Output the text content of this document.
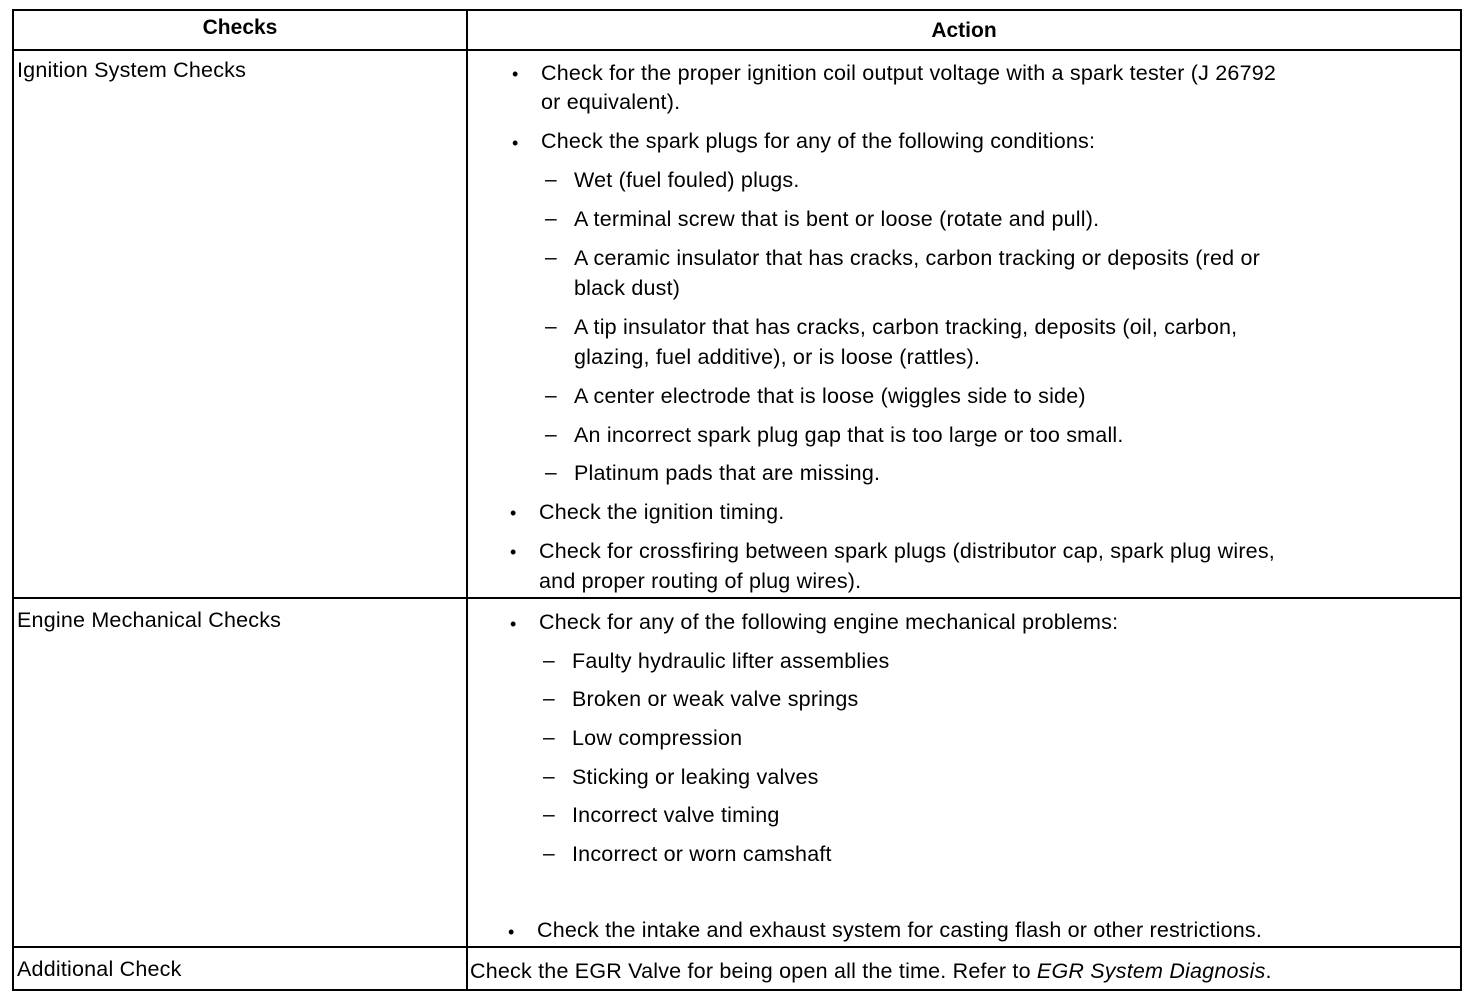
Checks	Action
Ignition System Checks	• Check for the proper ignition coil output voltage with a spark tester (J 26792
or equivalent).
• Check the spark plugs for any of the following conditions:
– Wet (fuel fouled) plugs.
– A terminal screw that is bent or loose (rotate and pull).
– A ceramic insulator that has cracks, carbon tracking or deposits (red or
black dust)
– A tip insulator that has cracks, carbon tracking, deposits (oil, carbon,
glazing, fuel additive), or is loose (rattles).
– A center electrode that is loose (wiggles side to side)
– An incorrect spark plug gap that is too large or too small.
– Platinum pads that are missing.
• Check the ignition timing.
• Check for crossfiring between spark plugs (distributor cap, spark plug wires,
and proper routing of plug wires).
Engine Mechanical Checks	• Check for any of the following engine mechanical problems:
– Faulty hydraulic lifter assemblies
– Broken or weak valve springs
– Low compression
– Sticking or leaking valves
– Incorrect valve timing
– Incorrect or worn camshaft
• Check the intake and exhaust system for casting flash or other restrictions.
Additional Check	Check the EGR Valve for being open all the time. Refer to EGR System Diagnosis.
